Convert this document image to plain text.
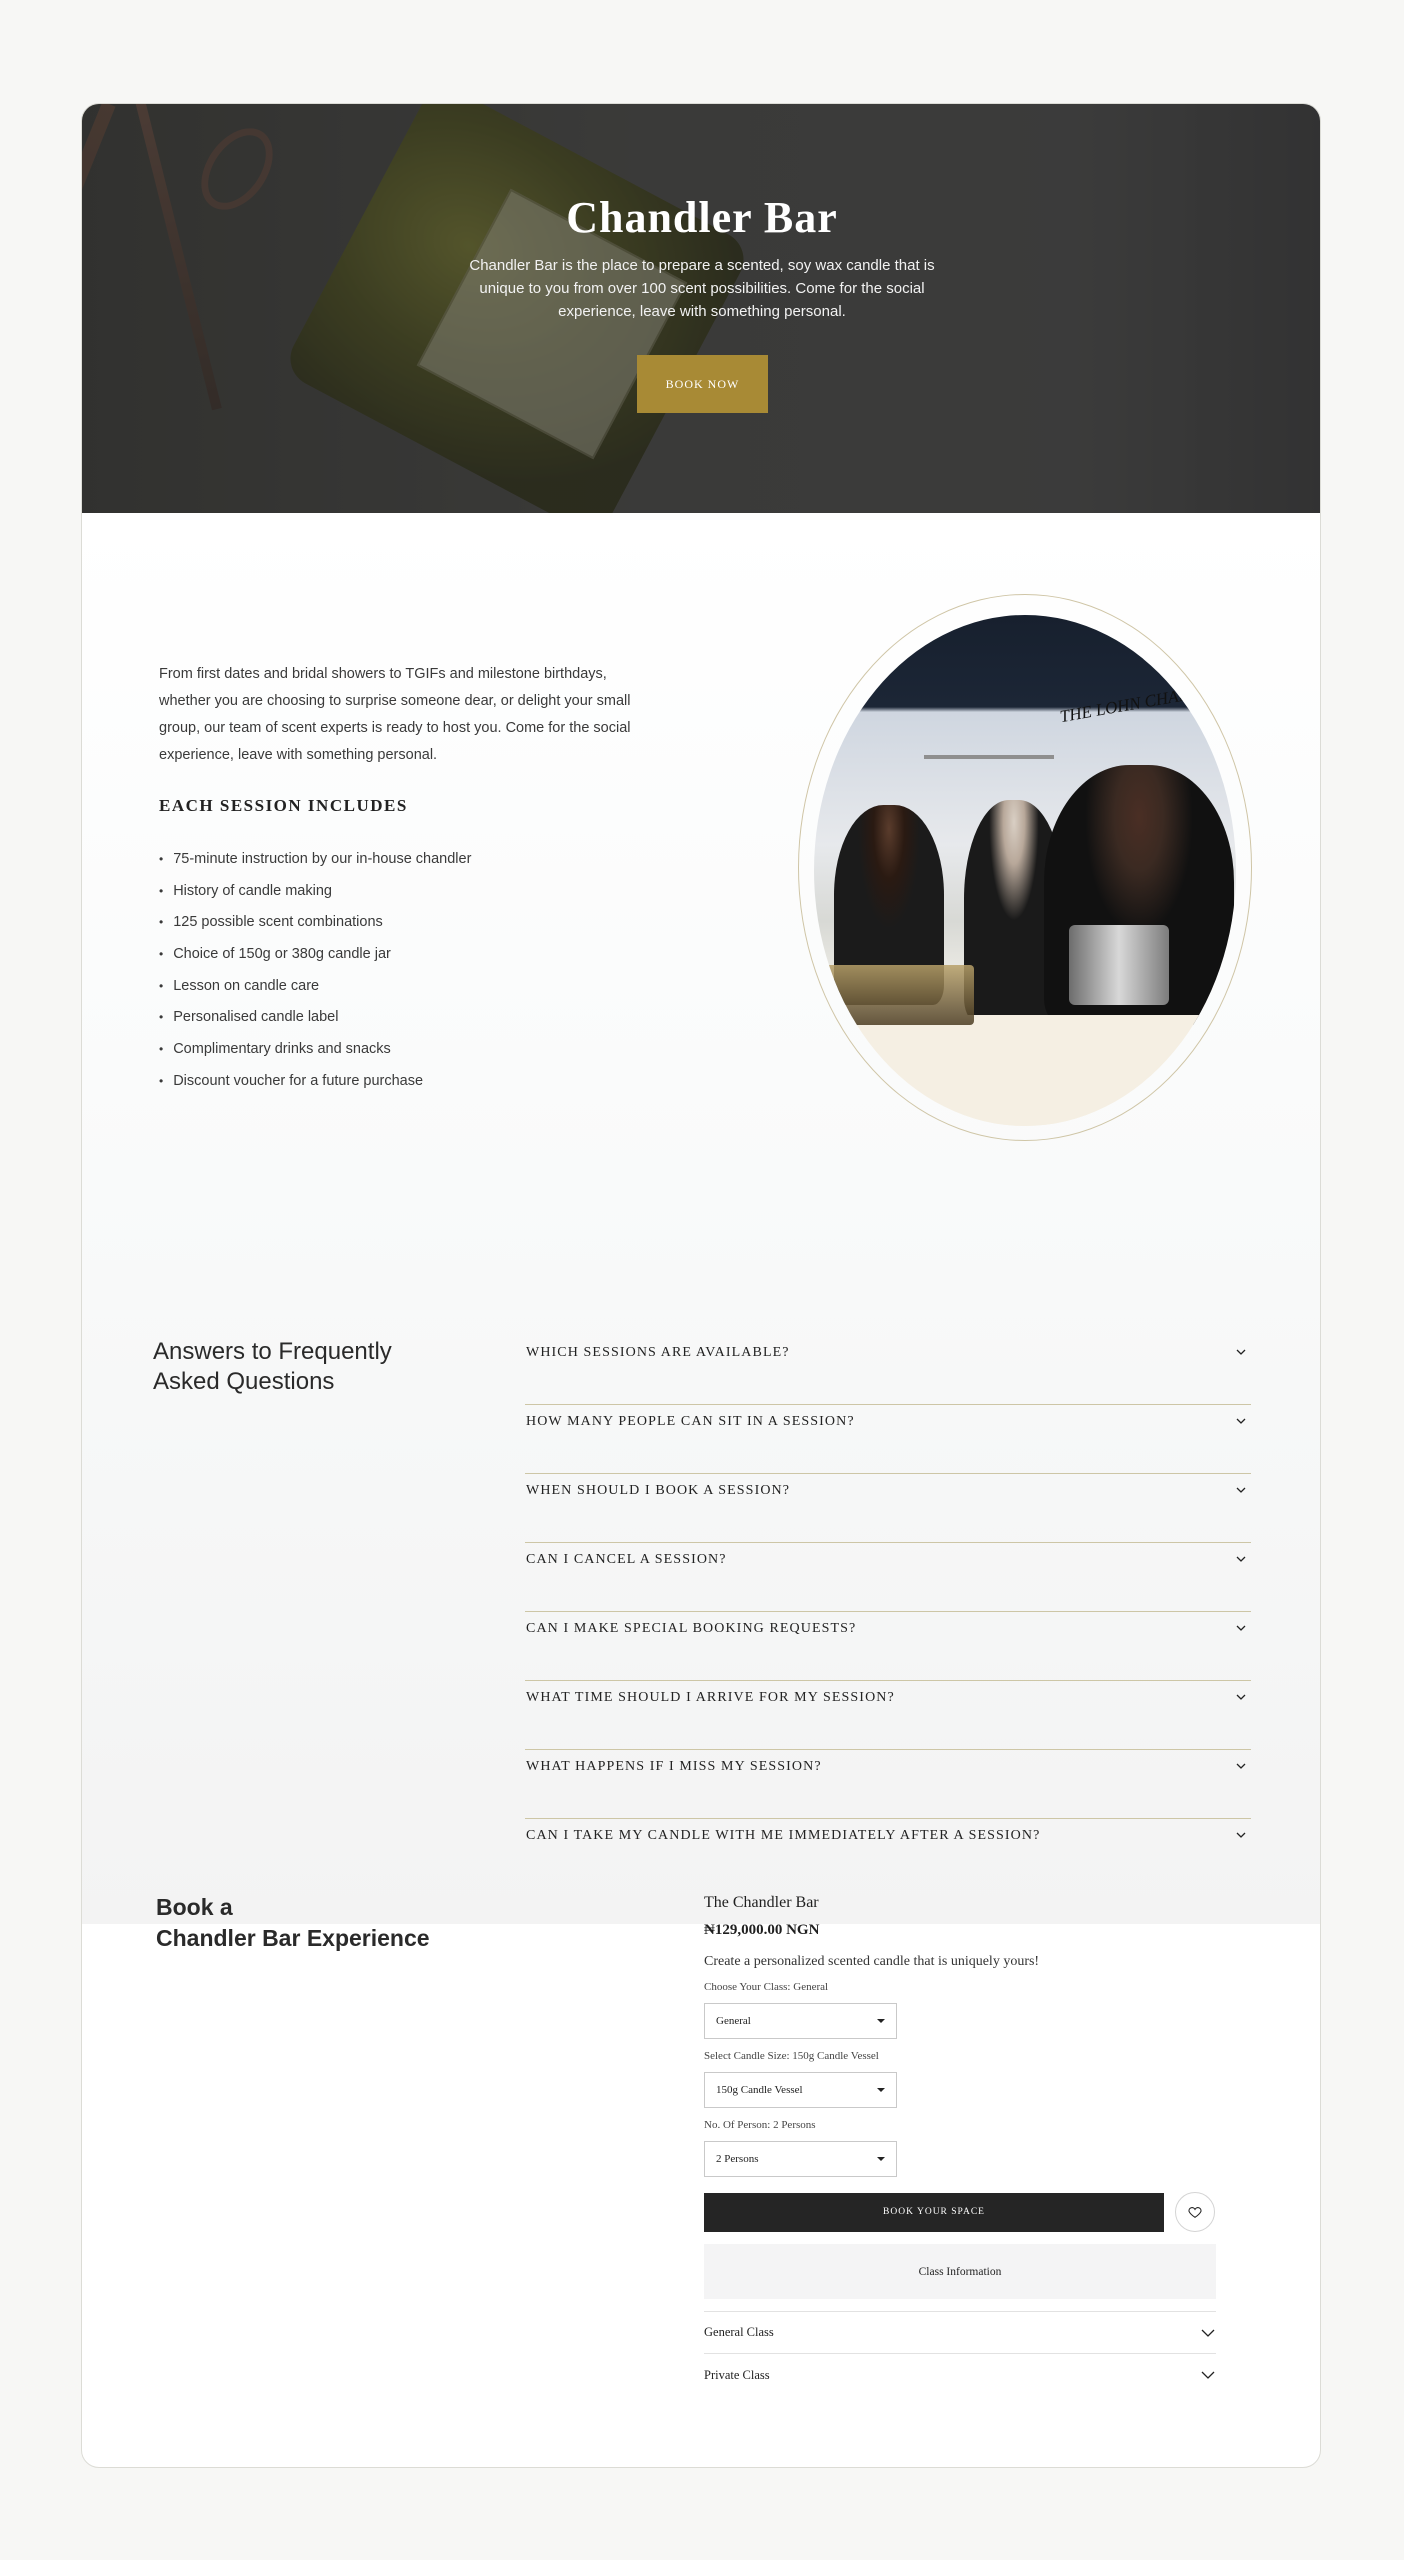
Chandler Bar

Chandler Bar is the place to prepare a scented, soy wax candle that is unique to you from over 100 scent possibilities. Come for the social experience, leave with something personal.

BOOK NOW

From first dates and bridal showers to TGIFs and milestone birthdays, whether you are choosing to surprise someone dear, or delight your small group, our team of scent experts is ready to host you. Come for the social experience, leave with something personal.

EACH SESSION INCLUDES
• 75-minute instruction by our in-house chandler
• History of candle making
• 125 possible scent combinations
• Choice of 150g or 380g candle jar
• Lesson on candle care
• Personalised candle label
• Complimentary drinks and snacks
• Discount voucher for a future purchase
THE LOHN CHANE
Answers to Frequently Asked Questions
WHICH SESSIONS ARE AVAILABLE?
HOW MANY PEOPLE CAN SIT IN A SESSION?
WHEN SHOULD I BOOK A SESSION?
CAN I CANCEL A SESSION?
CAN I MAKE SPECIAL BOOKING REQUESTS?
WHAT TIME SHOULD I ARRIVE FOR MY SESSION?
WHAT HAPPENS IF I MISS MY SESSION?
CAN I TAKE MY CANDLE WITH ME IMMEDIATELY AFTER A SESSION?
Book a
Chandler Bar Experience
The Chandler Bar
₦129,000.00 NGN
Create a personalized scented candle that is uniquely yours!
Choose Your Class: General
General
Select Candle Size: 150g Candle Vessel
150g Candle Vessel
No. Of Person: 2 Persons
2 Persons
BOOK YOUR SPACE
Class Information
General Class
Private Class
